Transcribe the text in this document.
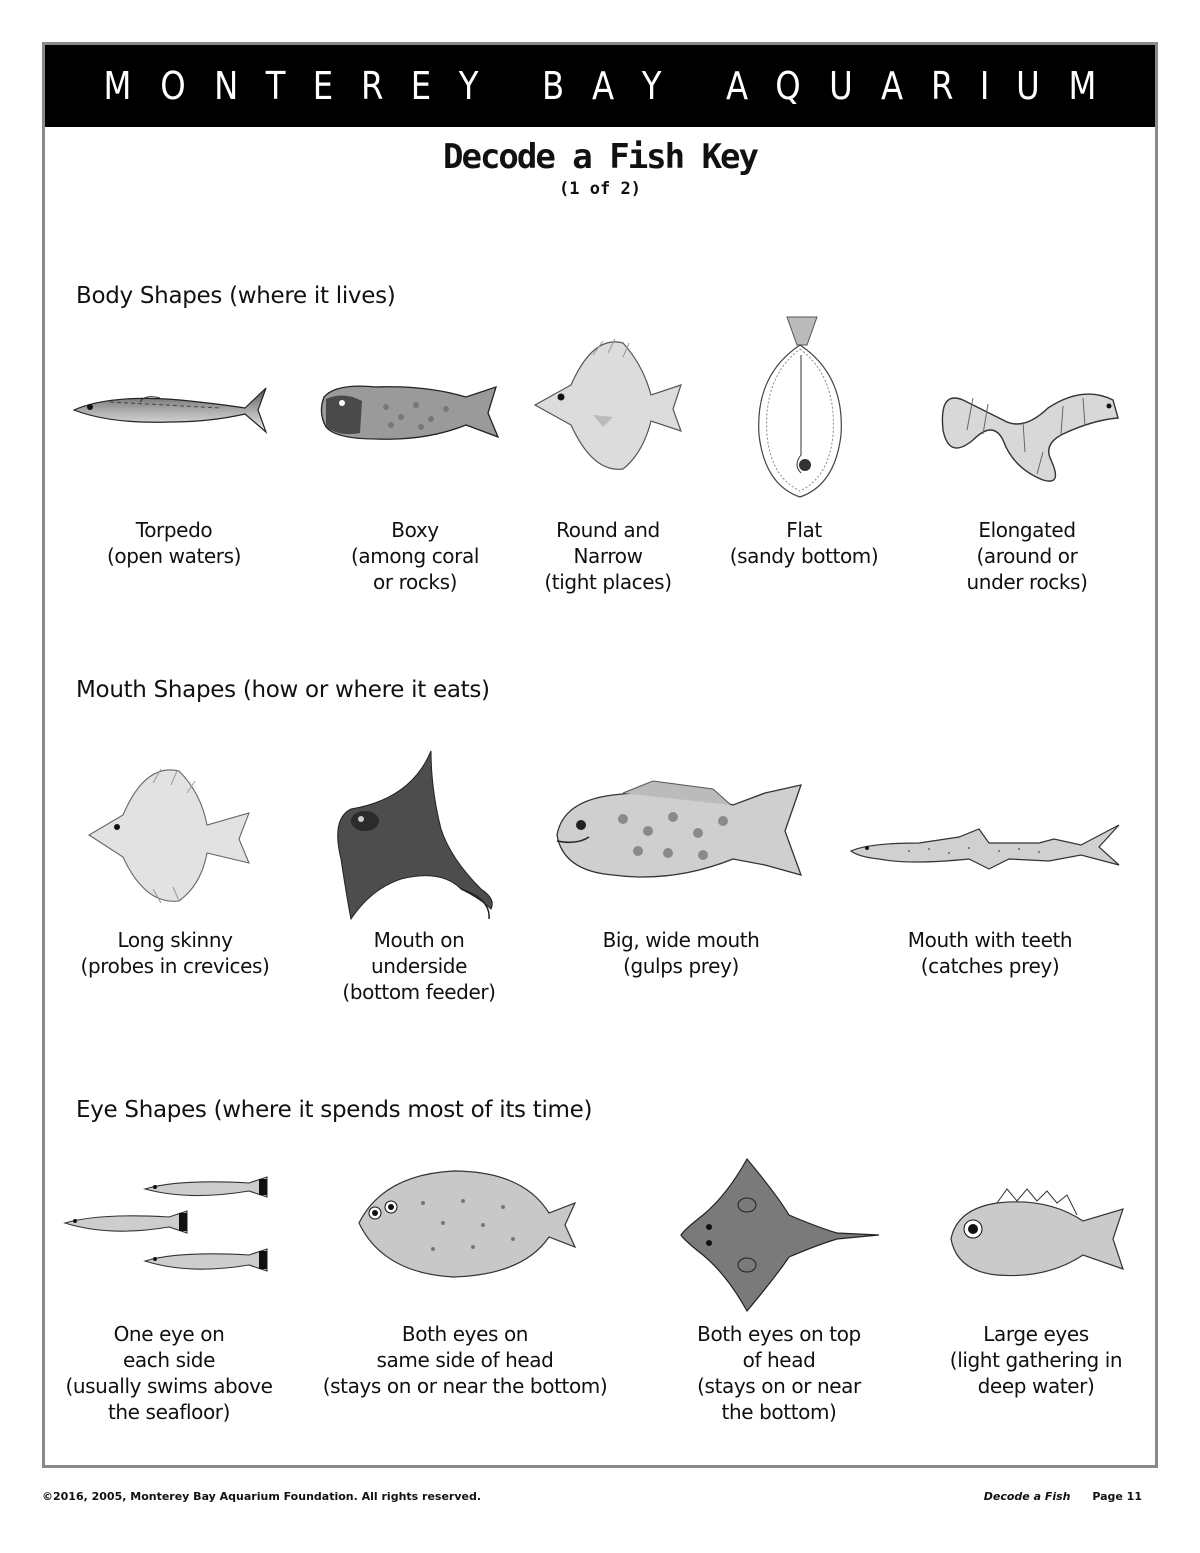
M O N T E R E Y
B A Y
A Q U A R I U M
Decode a Fish Key
(1 of 2)
Body Shapes (where it lives)
Torpedo
(open waters)
Boxy
(among coral
or rocks)
Round and
Narrow
(tight places)
Flat
(sandy bottom)
Elongated
(around or
under rocks)
Mouth Shapes (how or where it eats)
Long skinny
(probes in crevices)
Mouth on
underside
(bottom feeder)
Big, wide mouth
(gulps prey)
Mouth with teeth
(catches prey)
Eye Shapes (where it spends most of its time)
One eye on
each side
(usually swims above
the seafloor)
Both eyes on
same side of head
(stays on or near the bottom)
Both eyes on top
of head
(stays on or near
the bottom)
Large eyes
(light gathering in
deep water)
©2016, 2005, Monterey Bay Aquarium Foundation. All rights reserved.	Decode a Fish Page 11
